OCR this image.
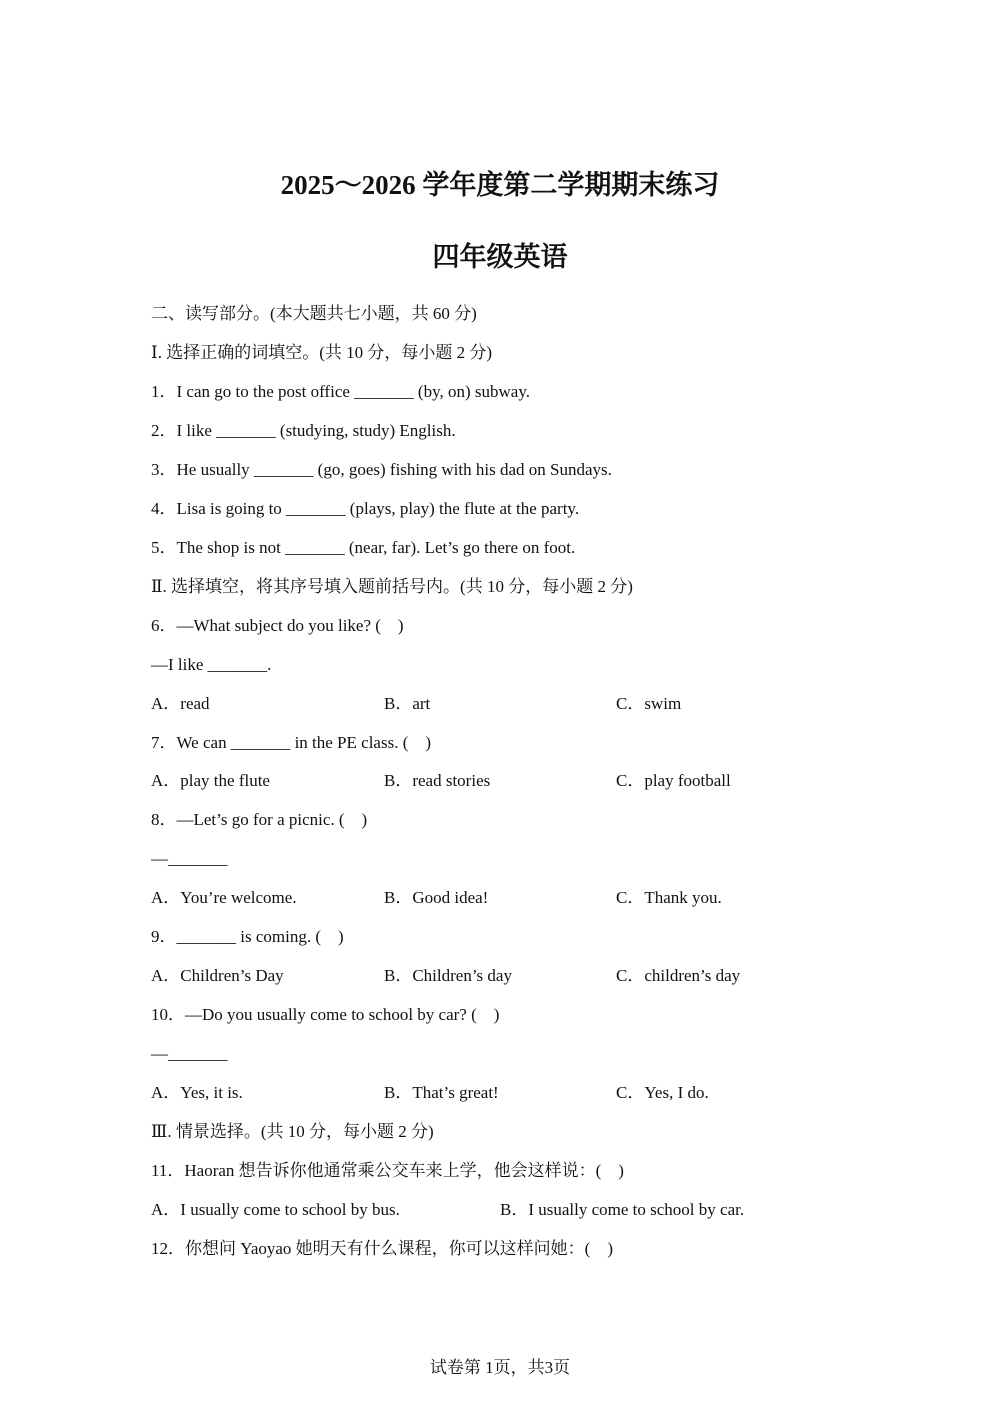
2025～2026 学年度第二学期期末练习
四年级英语
二、读写部分。(本大题共七小题，共 60 分)
Ⅰ. 选择正确的词填空。(共 10 分，每小题 2 分)
1．I can go to the post office _______ (by, on) subway.
2．I like _______ (studying, study) English.
3．He usually _______ (go, goes) fishing with his dad on Sundays.
4．Lisa is going to _______ (plays, play) the flute at the party.
5．The shop is not _______ (near, far). Let’s go there on foot.
Ⅱ. 选择填空，将其序号填入题前括号内。(共 10 分，每小题 2 分)
6．—What subject do you like? (    )
—I like _______.
A．read	B．art	C．swim
7．We can _______ in the PE class. (    )
A．play the flute	B．read stories	C．play football
8．—Let’s go for a picnic. (    )
—_______
A．You’re welcome.	B．Good idea!	C．Thank you.
9．_______ is coming. (    )
A．Children’s Day	B．Children’s day	C．children’s day
10．—Do you usually come to school by car? (    )
—_______
A．Yes, it is.	B．That’s great!	C．Yes, I do.
Ⅲ. 情景选择。(共 10 分，每小题 2 分)
11．Haoran 想告诉你他通常乘公交车来上学，他会这样说：(    )
A．I usually come to school by bus.	B．I usually come to school by car.
12．你想问 Yaoyao 她明天有什么课程，你可以这样问她：(    )
试卷第 1页，共3页
